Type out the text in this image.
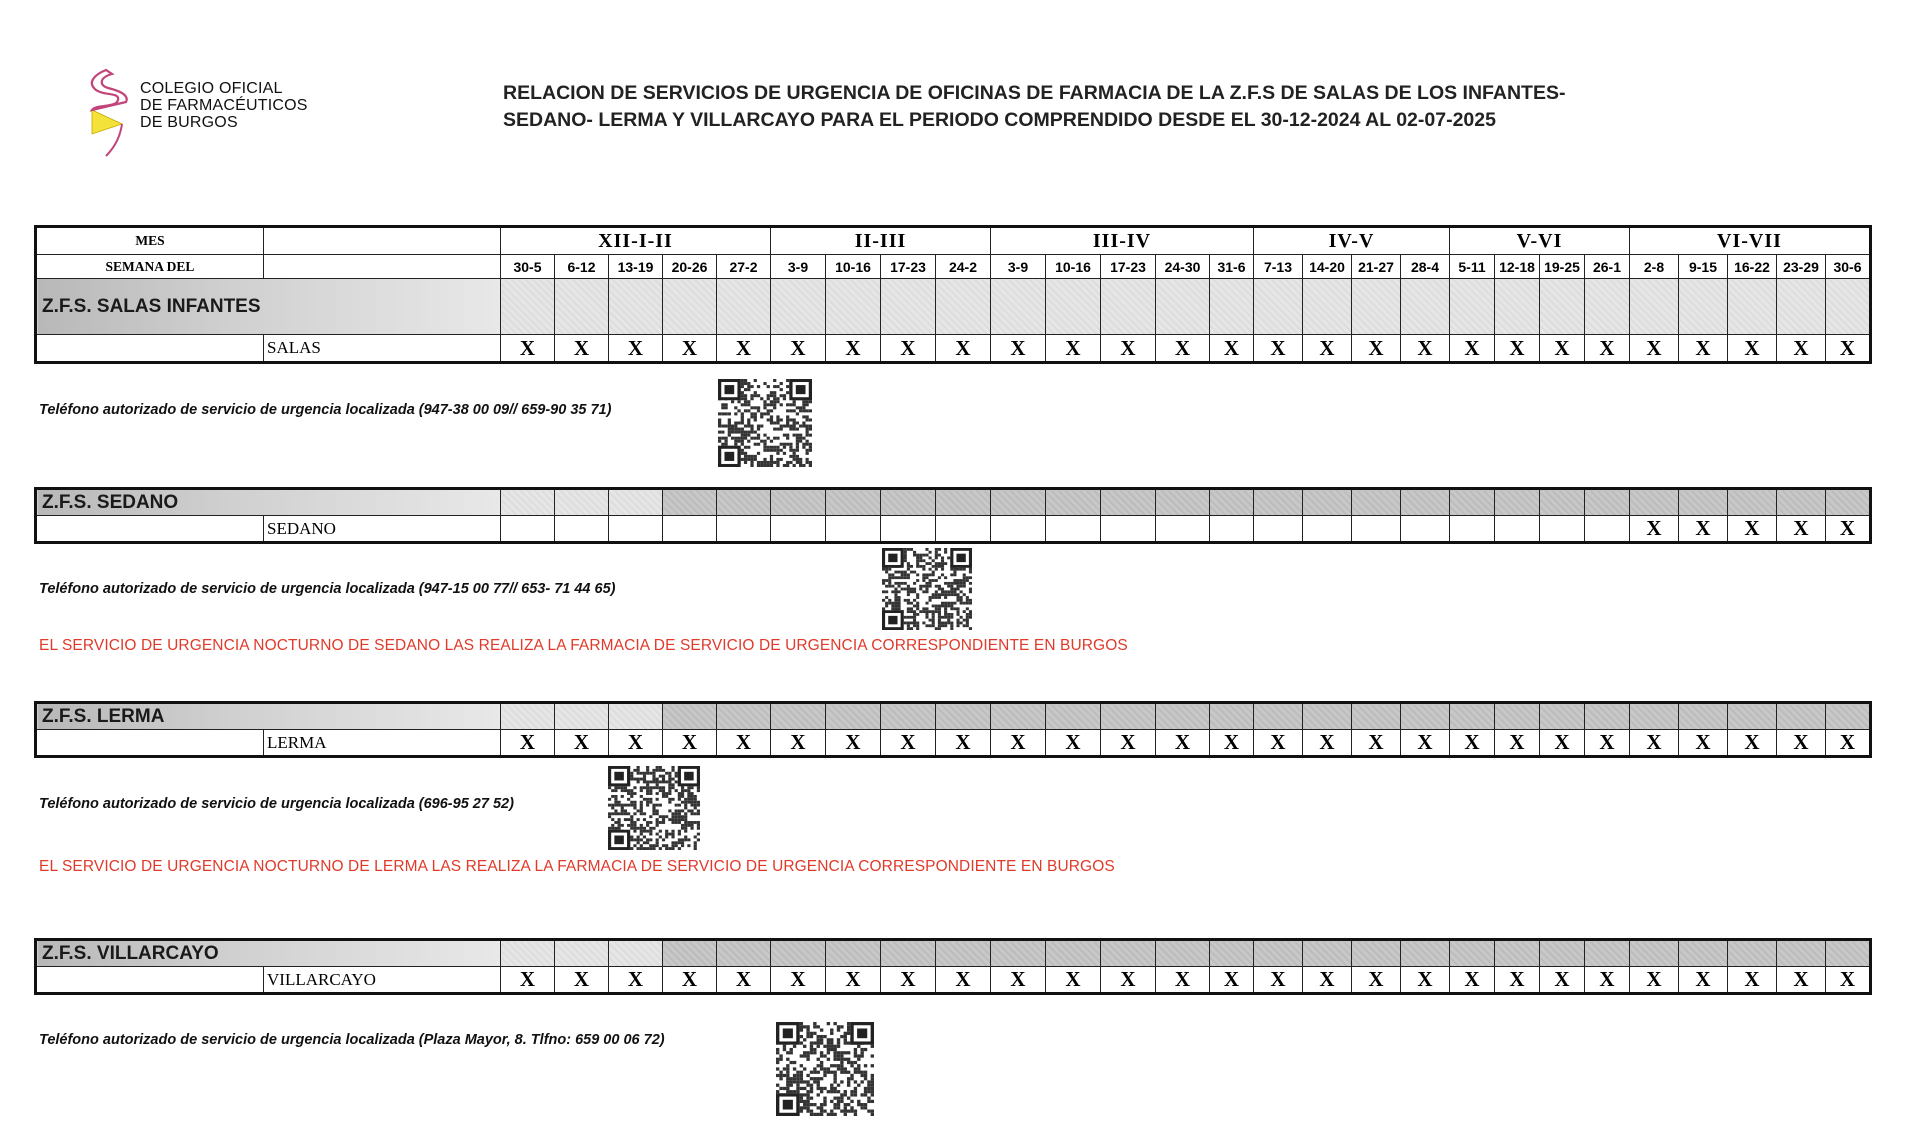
COLEGIO OFICIAL
DE FARMACÉUTICOS
DE BURGOS
RELACION DE SERVICIOS DE URGENCIA DE OFICINAS DE FARMACIA DE LA Z.F.S DE SALAS DE LOS INFANTES-
SEDANO- LERMA Y VILLARCAYO PARA EL PERIODO COMPRENDIDO DESDE EL 30-12-2024 AL 02-07-2025
MES		XII-I-II					II-III				III-IV					IV-V				V-VI				VI-VII				
SEMANA DEL		30-5	6-12	13-19	20-26	27-2	3-9	10-16	17-23	24-2	3-9	10-16	17-23	24-30	31-6	7-13	14-20	21-27	28-4	5-11	12-18	19-25	26-1	2-8	9-15	16-22	23-29	30-6
Z.F.S. SALAS INFANTES																												
	SALAS	X	X	X	X	X	X	X	X	X	X	X	X	X	X	X	X	X	X	X	X	X	X	X	X	X	X	X
Teléfono autorizado de servicio de urgencia localizada (947-38 00 09// 659-90 35 71)
Z.F.S. SEDANO																												
	SEDANO																							X	X	X	X	X
Teléfono autorizado de servicio de urgencia localizada (947-15 00 77// 653- 71 44 65)
EL SERVICIO DE URGENCIA NOCTURNO DE SEDANO LAS REALIZA LA FARMACIA DE SERVICIO DE URGENCIA CORRESPONDIENTE EN BURGOS
Z.F.S. LERMA																												
	LERMA	X	X	X	X	X	X	X	X	X	X	X	X	X	X	X	X	X	X	X	X	X	X	X	X	X	X	X
Teléfono autorizado de servicio de urgencia localizada (696-95 27 52)
EL SERVICIO DE URGENCIA NOCTURNO DE LERMA LAS REALIZA LA FARMACIA DE SERVICIO DE URGENCIA CORRESPONDIENTE EN BURGOS
Z.F.S. VILLARCAYO																												
	VILLARCAYO	X	X	X	X	X	X	X	X	X	X	X	X	X	X	X	X	X	X	X	X	X	X	X	X	X	X	X
Teléfono autorizado de servicio de urgencia localizada (Plaza Mayor, 8. Tlfno: 659 00 06 72)
